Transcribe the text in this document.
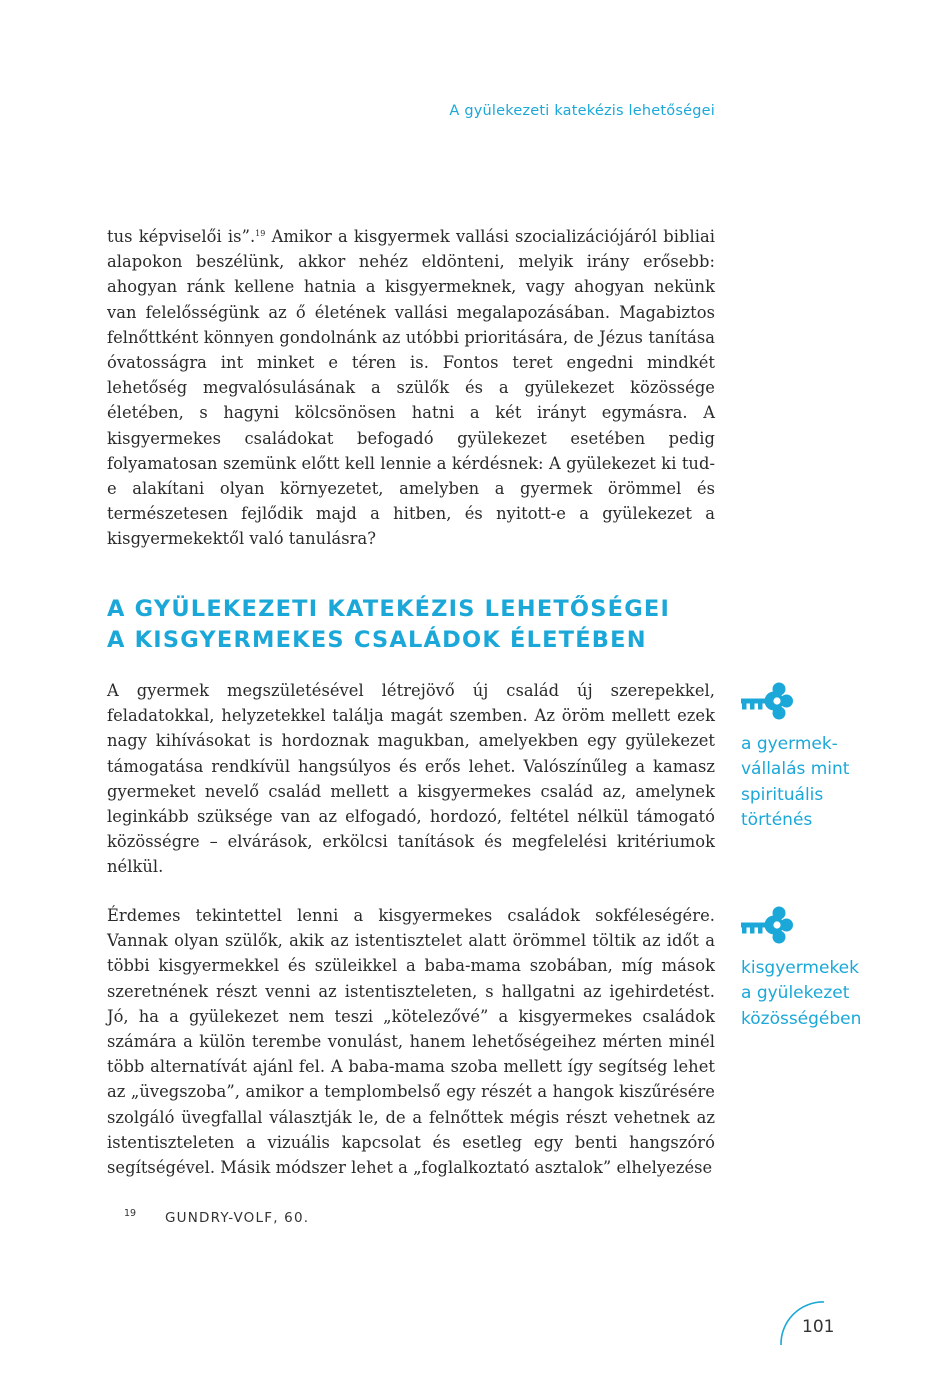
A gyülekezeti katekézis lehetőségei

tus képviselői is”.$^{19}$ Amikor a kisgyermek vallási szocializációjáról bibliai alapokon beszélünk, akkor nehéz eldönteni, melyik irány erősebb: ahogyan ránk kellene hatnia a kisgyermeknek, vagy ahogyan nekünk van felelősségünk az ő életének vallási megalapozásában. Magabiztos felnőttként könnyen gondolnánk az utóbbi prioritására, de Jézus tanítása óvatosságra int minket e téren is. Fontos teret engedni mindkét lehetőség megvalósulásának a szülők és a gyülekezet közössége életében, s hagyni kölcsönösen hatni a két irányt egymásra. A kisgyermekes családokat befogadó gyülekezet esetében pedig folyamatosan szemünk előtt kell lennie a kérdésnek: A gyülekezet ki tud-e alakítani olyan környezetet, amelyben a gyermek örömmel és természetesen fejlődik majd a hitben, és nyitott-e a gyülekezet a kisgyermekektől való tanulásra?

A GYÜLEKEZETI KATEKÉZIS LEHETŐSÉGEI
A KISGYERMEKES CSALÁDOK ÉLETÉBEN

A gyermek megszületésével létrejövő új család új szerepekkel, feladatokkal, helyzetekkel találja magát szemben. Az öröm mellett ezek nagy kihívásokat is hordoznak magukban, amelyekben egy gyülekezet támogatása rendkívül hangsúlyos és erős lehet. Valószínűleg a kamasz gyermeket nevelő család mellett a kisgyermekes család az, amelynek leginkább szüksége van az elfogadó, hordozó, feltétel nélkül támogató közösségre – elvárások, erkölcsi tanítások és megfelelési kritériumok nélkül.

Érdemes tekintettel lenni a kisgyermekes családok sokféleségére. Vannak olyan szülők, akik az istentisztelet alatt örömmel töltik az időt a többi kisgyermekkel és szüleikkel a baba-mama szobában, míg mások szeretnének részt venni az istentiszteleten, s hallgatni az igehirdetést. Jó, ha a gyülekezet nem teszi „kötelezővé” a kisgyermekes családok számára a külön terembe vonulást, hanem lehetőségeihez mérten minél több alternatívát ajánl fel. A baba-mama szoba mellett így segítség lehet az „üvegszoba”, amikor a templombelső egy részét a hangok kiszűrésére szolgáló üvegfallal választják le, de a felnőttek mégis részt vehetnek az istentiszteleten a vizuális kapcsolat és esetleg egy benti hangszóró segítségével. Másik módszer lehet a „foglalkoztató asztalok” elhelyezése

a gyermek-
vállalás mint
spirituális
történés
kisgyermekek
a gyülekezet
közösségében
19 GUNDRY-VOLF, 60.
101
